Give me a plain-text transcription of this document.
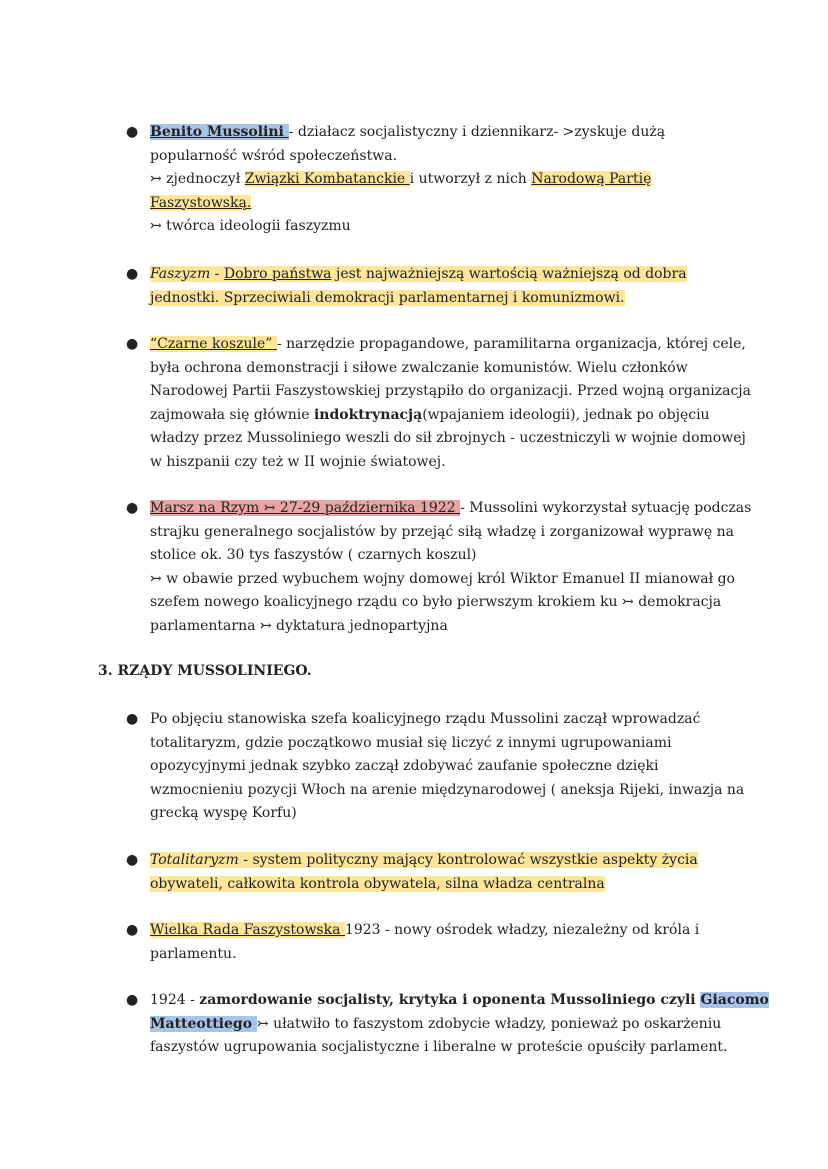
● Benito Mussolini - działacz socjalistyczny i dziennikarz- >zyskuje dużą
popularność wśród społeczeństwa.
↣ zjednoczył Związki Kombatanckie i utworzył z nich Narodową Partię
Faszystowską.
↣ twórca ideologii faszyzmu
● Faszyzm - Dobro państwa jest najważniejszą wartością ważniejszą od dobra
jednostki. Sprzeciwiali demokracji parlamentarnej i komunizmowi.
● “Czarne koszule” - narzędzie propagandowe, paramilitarna organizacja, której cele,
była ochrona demonstracji i siłowe zwalczanie komunistów. Wielu członków
Narodowej Partii Faszystowskiej przystąpiło do organizacji. Przed wojną organizacja
zajmowała się głównie indoktrynacją(wpajaniem ideologii), jednak po objęciu
władzy przez Mussoliniego weszli do sił zbrojnych - uczestniczyli w wojnie domowej
w hiszpanii czy też w II wojnie światowej.
● Marsz na Rzym ↣ 27-29 października 1922 - Mussolini wykorzystał sytuację podczas
strajku generalnego socjalistów by przejąć siłą władzę i zorganizował wyprawę na
stolice ok. 30 tys faszystów ( czarnych koszul)
↣ w obawie przed wybuchem wojny domowej król Wiktor Emanuel II mianował go
szefem nowego koalicyjnego rządu co było pierwszym krokiem ku ↣ demokracja
parlamentarna ↣ dyktatura jednopartyjna
3. RZĄDY MUSSOLINIEGO.
● Po objęciu stanowiska szefa koalicyjnego rządu Mussolini zaczął wprowadzać
totalitaryzm, gdzie początkowo musiał się liczyć z innymi ugrupowaniami
opozycyjnymi jednak szybko zaczął zdobywać zaufanie społeczne dzięki
wzmocnieniu pozycji Włoch na arenie międzynarodowej ( aneksja Rijeki, inwazja na
grecką wyspę Korfu)
● Totalitaryzm - system polityczny mający kontrolować wszystkie aspekty życia
obywateli, całkowita kontrola obywatela, silna władza centralna
● Wielka Rada Faszystowska 1923 - nowy ośrodek władzy, niezależny od króla i
parlamentu.
● 1924 - zamordowanie socjalisty, krytyka i oponenta Mussoliniego czyli Giacomo
Matteottiego ↣ ułatwiło to faszystom zdobycie władzy, ponieważ po oskarżeniu
faszystów ugrupowania socjalistyczne i liberalne w proteście opuściły parlament.
